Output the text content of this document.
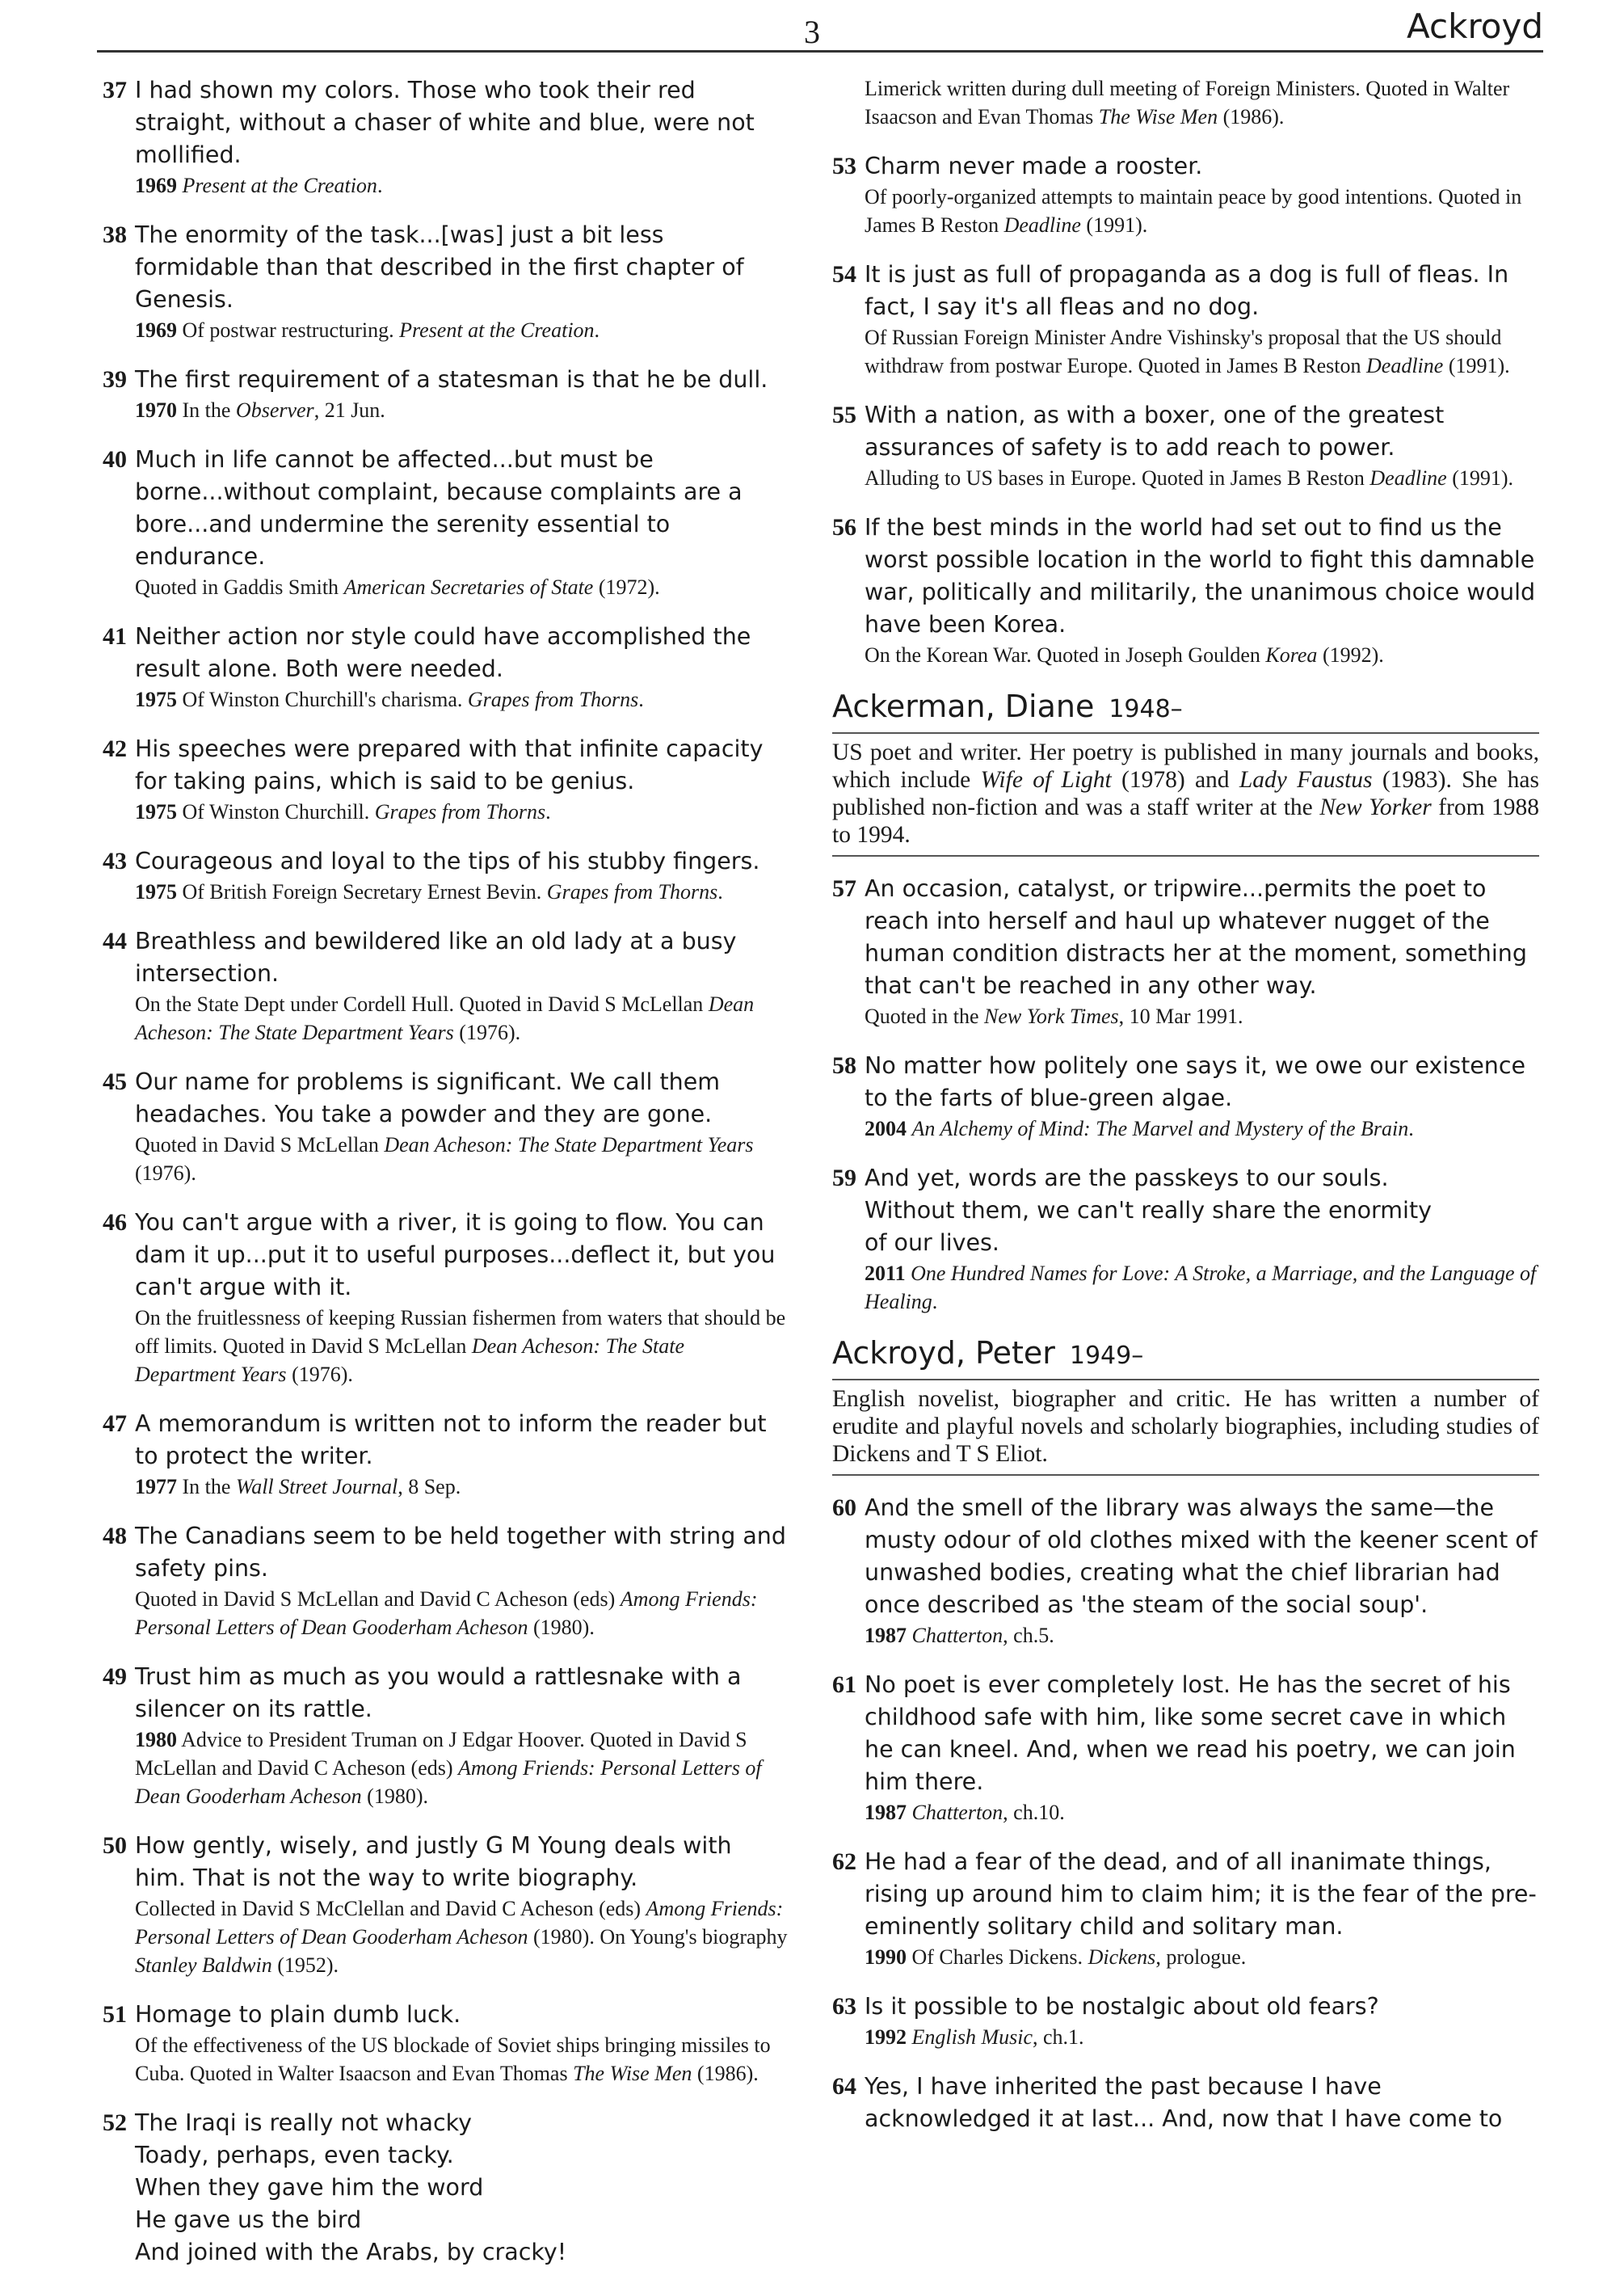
3	Ackroyd
37 I had shown my colors. Those who took their red straight, without a chaser of white and blue, were not mollified.
1969 Present at the Creation.
38 The enormity of the task...[was] just a bit less formidable than that described in the first chapter of Genesis.
1969 Of postwar restructuring. Present at the Creation.
39 The first requirement of a statesman is that he be dull.
1970 In the Observer, 21 Jun.
40 Much in life cannot be affected...but must be borne...without complaint, because complaints are a bore...and undermine the serenity essential to endurance.
Quoted in Gaddis Smith American Secretaries of State (1972).
41 Neither action nor style could have accomplished the result alone. Both were needed.
1975 Of Winston Churchill's charisma. Grapes from Thorns.
42 His speeches were prepared with that infinite capacity for taking pains, which is said to be genius.
1975 Of Winston Churchill. Grapes from Thorns.
43 Courageous and loyal to the tips of his stubby fingers.
1975 Of British Foreign Secretary Ernest Bevin. Grapes from Thorns.
44 Breathless and bewildered like an old lady at a busy intersection.
On the State Dept under Cordell Hull. Quoted in David S McLellan Dean Acheson: The State Department Years (1976).
45 Our name for problems is significant. We call them headaches. You take a powder and they are gone.
Quoted in David S McLellan Dean Acheson: The State Department Years (1976).
46 You can't argue with a river, it is going to flow. You can dam it up...put it to useful purposes...deflect it, but you can't argue with it.
On the fruitlessness of keeping Russian fishermen from waters that should be off limits. Quoted in David S McLellan Dean Acheson: The State Department Years (1976).
47 A memorandum is written not to inform the reader but to protect the writer.
1977 In the Wall Street Journal, 8 Sep.
48 The Canadians seem to be held together with string and safety pins.
Quoted in David S McLellan and David C Acheson (eds) Among Friends: Personal Letters of Dean Gooderham Acheson (1980).
49 Trust him as much as you would a rattlesnake with a silencer on its rattle.
1980 Advice to President Truman on J Edgar Hoover. Quoted in David S McLellan and David C Acheson (eds) Among Friends: Personal Letters of Dean Gooderham Acheson (1980).
50 How gently, wisely, and justly G M Young deals with him. That is not the way to write biography.
Collected in David S McClellan and David C Acheson (eds) Among Friends: Personal Letters of Dean Gooderham Acheson (1980). On Young's biography Stanley Baldwin (1952).
51 Homage to plain dumb luck.
Of the effectiveness of the US blockade of Soviet ships bringing missiles to Cuba. Quoted in Walter Isaacson and Evan Thomas The Wise Men (1986).
52 The Iraqi is really not whacky
Toady, perhaps, even tacky.
When they gave him the word
He gave us the bird
And joined with the Arabs, by cracky!
Limerick written during dull meeting of Foreign Ministers. Quoted in Walter Isaacson and Evan Thomas The Wise Men (1986).
53 Charm never made a rooster.
Of poorly-organized attempts to maintain peace by good intentions. Quoted in James B Reston Deadline (1991).
54 It is just as full of propaganda as a dog is full of fleas. In fact, I say it's all fleas and no dog.
Of Russian Foreign Minister Andre Vishinsky's proposal that the US should withdraw from postwar Europe. Quoted in James B Reston Deadline (1991).
55 With a nation, as with a boxer, one of the greatest assurances of safety is to add reach to power.
Alluding to US bases in Europe. Quoted in James B Reston Deadline (1991).
56 If the best minds in the world had set out to find us the worst possible location in the world to fight this damnable war, politically and militarily, the unanimous choice would have been Korea.
On the Korean War. Quoted in Joseph Goulden Korea (1992).
Ackerman, Diane 1948–
US poet and writer. Her poetry is published in many journals and books, which include Wife of Light (1978) and Lady Faustus (1983). She has published non-fiction and was a staff writer at the New Yorker from 1988 to 1994.
57 An occasion, catalyst, or tripwire...permits the poet to reach into herself and haul up whatever nugget of the human condition distracts her at the moment, something that can't be reached in any other way.
Quoted in the New York Times, 10 Mar 1991.
58 No matter how politely one says it, we owe our existence to the farts of blue-green algae.
2004 An Alchemy of Mind: The Marvel and Mystery of the Brain.
59 And yet, words are the passkeys to our souls.
Without them, we can't really share the enormity
of our lives.
2011 One Hundred Names for Love: A Stroke, a Marriage, and the Language of Healing.
Ackroyd, Peter 1949–
English novelist, biographer and critic. He has written a number of erudite and playful novels and scholarly biographies, including studies of Dickens and T S Eliot.
60 And the smell of the library was always the same—the musty odour of old clothes mixed with the keener scent of unwashed bodies, creating what the chief librarian had once described as 'the steam of the social soup'.
1987 Chatterton, ch.5.
61 No poet is ever completely lost. He has the secret of his childhood safe with him, like some secret cave in which he can kneel. And, when we read his poetry, we can join him there.
1987 Chatterton, ch.10.
62 He had a fear of the dead, and of all inanimate things, rising up around him to claim him; it is the fear of the pre-eminently solitary child and solitary man.
1990 Of Charles Dickens. Dickens, prologue.
63 Is it possible to be nostalgic about old fears?
1992 English Music, ch.1.
64 Yes, I have inherited the past because I have acknowledged it at last... And, now that I have come to
